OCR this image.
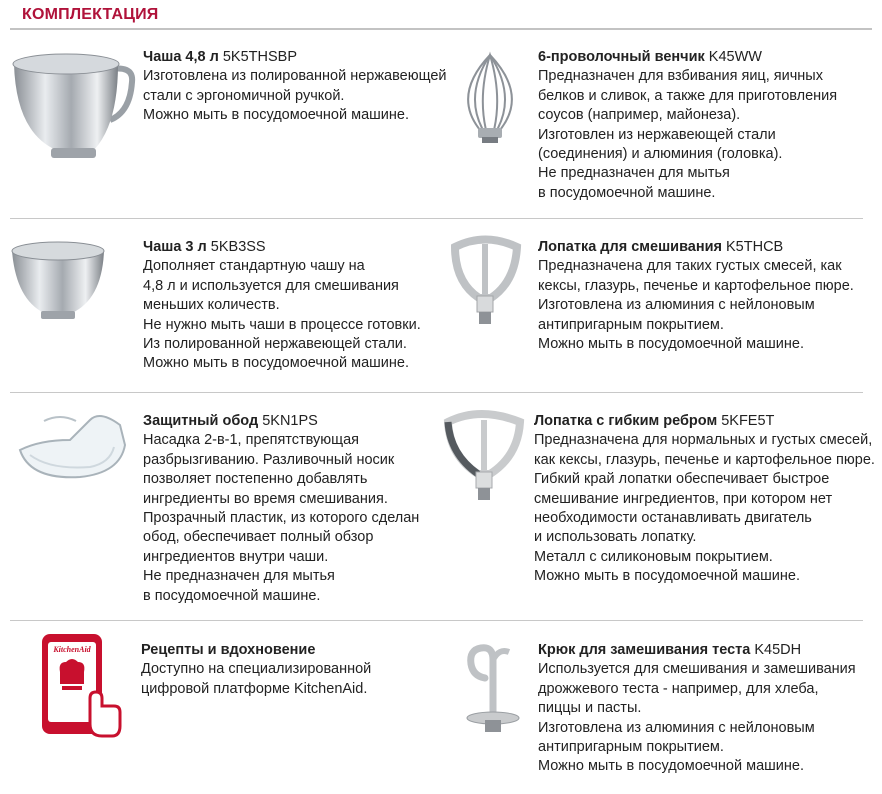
КОМПЛЕКТАЦИЯ
KitchenAid
Чаша 4,8 л 5K5THSBP
Изготовлена из полированной нержавеющей
стали с эргономичной ручкой.
Можно мыть в посудомоечной машине.
6-проволочный венчик K45WW
Предназначен для взбивания яиц, яичных
белков и сливок, а также для приготовления
соусов (например, майонеза).
Изготовлен из нержавеющей стали
(соединения) и алюминия (головка).
Не предназначен для мытья
в посудомоечной машине.
Чаша 3 л 5KB3SS
Дополняет стандартную чашу на
4,8 л и используется для смешивания
меньших количеств.
Не нужно мыть чаши в процессе готовки.
Из полированной нержавеющей стали.
Можно мыть в посудомоечной машине.
Лопатка для смешивания K5THCB
Предназначена для таких густых смесей, как
кексы, глазурь, печенье и картофельное пюре.
Изготовлена из алюминия с нейлоновым
антипригарным покрытием.
Можно мыть в посудомоечной машине.
Защитный обод 5KN1PS
Насадка 2-в-1, препятствующая
разбрызгиванию. Разливочный носик
позволяет постепенно добавлять
ингредиенты во время смешивания.
Прозрачный пластик, из которого сделан
обод, обеспечивает полный обзор
ингредиентов внутри чаши.
Не предназначен для мытья
в посудомоечной машине.
Лопатка с гибким ребром 5KFE5T
Предназначена для нормальных и густых смесей,
как кексы, глазурь, печенье и картофельное пюре.
Гибкий край лопатки обеспечивает быстрое
смешивание ингредиентов, при котором нет
необходимости останавливать двигатель
и использовать лопатку.
Металл с силиконовым покрытием.
Можно мыть в посудомоечной машине.
Рецепты и вдохновение
Доступно на специализированной
цифровой платформе KitchenAid.
Крюк для замешивания теста K45DH
Используется для смешивания и замешивания
дрожжевого теста - например, для хлеба,
пиццы и пасты.
Изготовлена из алюминия с нейлоновым
антипригарным покрытием.
Можно мыть в посудомоечной машине.
